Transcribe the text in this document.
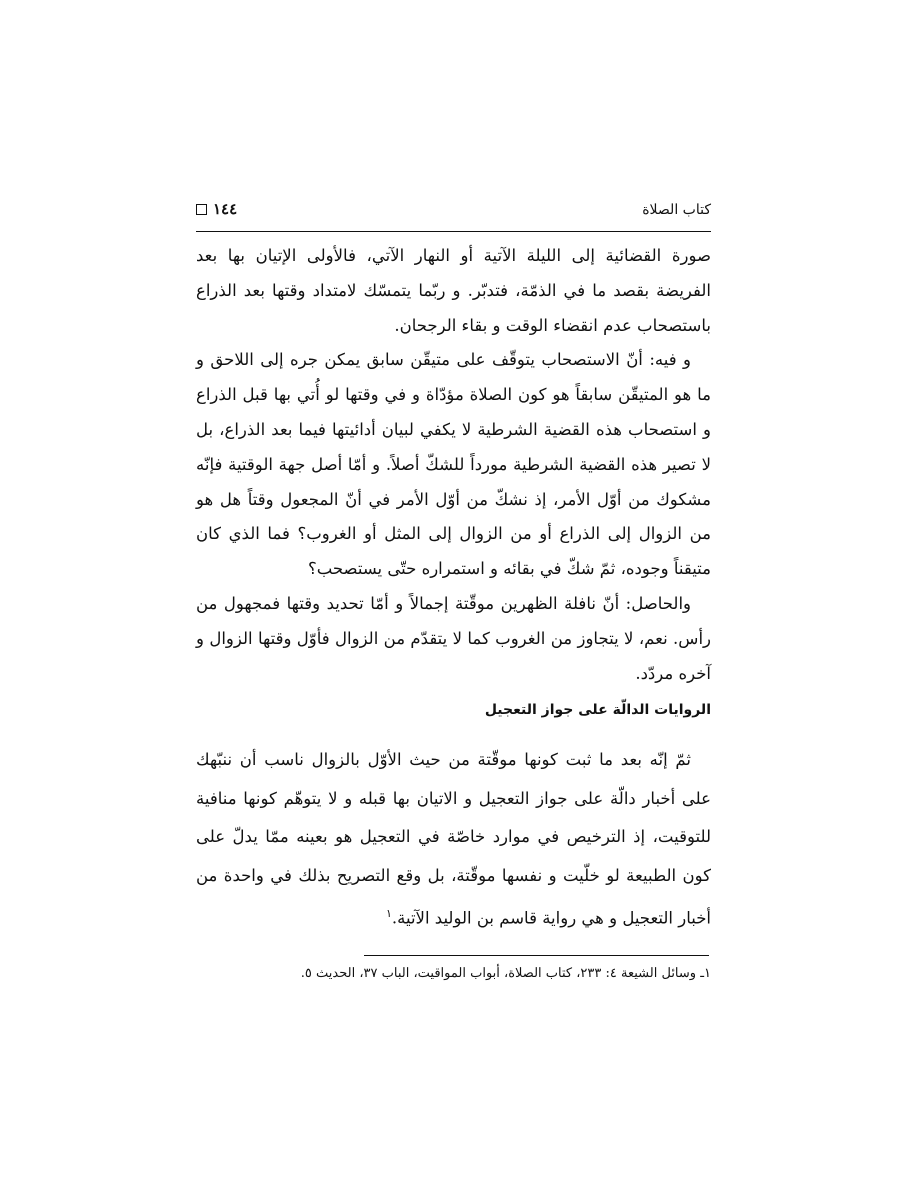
كتاب الصلاة
١٤٤

صورة القضائية إلى الليلة الآتية أو النهار الآتي، فالأولى الإتيان بها بعد الفريضة بقصد ما في الذمّة، فتدبّر. و ربّما يتمسّك لامتداد وقتها بعد الذراع باستصحاب عدم انقضاء الوقت و بقاء الرجحان.

و فيه: أنّ الاستصحاب يتوقّف على متيقّن سابق يمكن جره إلى اللاحق و ما هو المتيقّن سابقاً هو كون الصلاة مؤدّاة و في وقتها لو أُتي بها قبل الذراع و استصحاب هذه القضية الشرطية لا يكفي لبيان أدائيتها فيما بعد الذراع، بل لا تصير هذه القضية الشرطية مورداً للشكّ أصلاً. و أمّا أصل جهة الوقتية فإنّه مشكوك من أوّل الأمر، إذ نشكّ من أوّل الأمر في أنّ المجعول وقتاً هل هو من الزوال إلى الذراع أو من الزوال إلى المثل أو الغروب؟ فما الذي كان متيقناً وجوده، ثمّ شكّ في بقائه و استمراره حتّى يستصحب؟

والحاصل: أنّ نافلة الظهرين موقّتة إجمالاً و أمّا تحديد وقتها فمجهول من رأس. نعم، لا يتجاوز من الغروب كما لا يتقدّم من الزوال فأوّل وقتها الزوال و آخره مردّد.

الروايات الدالّة على جواز التعجيل

ثمّ إنّه بعد ما ثبت كونها موقّتة من حيث الأوّل بالزوال ناسب أن ننبّهك على أخبار دالّة على جواز التعجيل و الاتيان بها قبله و لا يتوهّم كونها منافية للتوقيت، إذ الترخيص في موارد خاصّة في التعجيل هو بعينه ممّا يدلّ على كون الطبيعة لو خلّيت و نفسها موقّتة، بل وقع التصريح بذلك في واحدة من أخبار التعجيل و هي رواية قاسم بن الوليد الآتية.$^١$

١ـ وسائل الشيعة ٤: ٢٣٣، كتاب الصلاة، أبواب المواقيت، الباب ٣٧، الحديث ٥.
